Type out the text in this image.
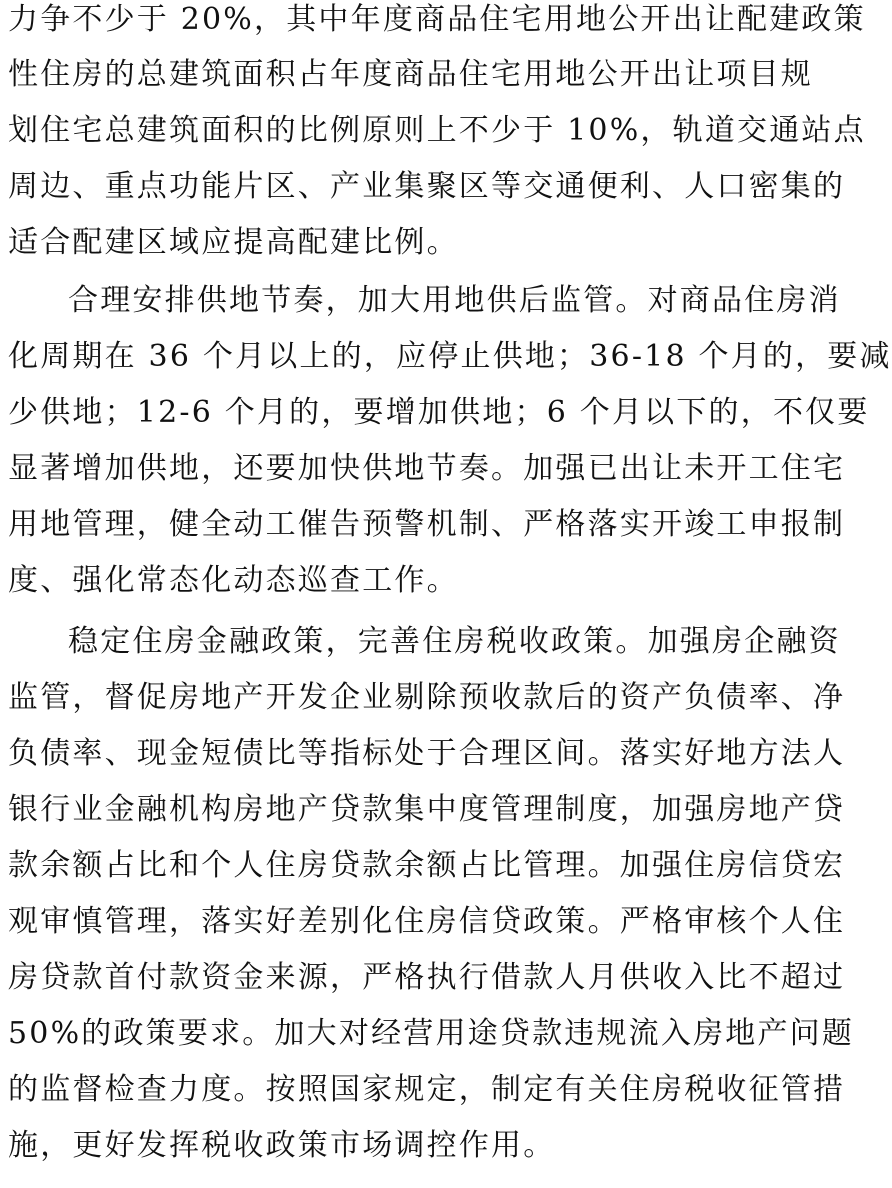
力争不少于 20%，其中年度商品住宅用地公开出让配建政策
性住房的总建筑面积占年度商品住宅用地公开出让项目规
划住宅总建筑面积的比例原则上不少于 10%，轨道交通站点
周边、重点功能片区、产业集聚区等交通便利、人口密集的
适合配建区域应提高配建比例。
合理安排供地节奏，加大用地供后监管。对商品住房消
化周期在 36 个月以上的，应停止供地；36-18 个月的，要减
少供地；12-6 个月的，要增加供地；6 个月以下的，不仅要
显著增加供地，还要加快供地节奏。加强已出让未开工住宅
用地管理，健全动工催告预警机制、严格落实开竣工申报制
度、强化常态化动态巡查工作。
稳定住房金融政策，完善住房税收政策。加强房企融资
监管，督促房地产开发企业剔除预收款后的资产负债率、净
负债率、现金短债比等指标处于合理区间。落实好地方法人
银行业金融机构房地产贷款集中度管理制度，加强房地产贷
款余额占比和个人住房贷款余额占比管理。加强住房信贷宏
观审慎管理，落实好差别化住房信贷政策。严格审核个人住
房贷款首付款资金来源，严格执行借款人月供收入比不超过
50%的政策要求。加大对经营用途贷款违规流入房地产问题
的监督检查力度。按照国家规定，制定有关住房税收征管措
施，更好发挥税收政策市场调控作用。
